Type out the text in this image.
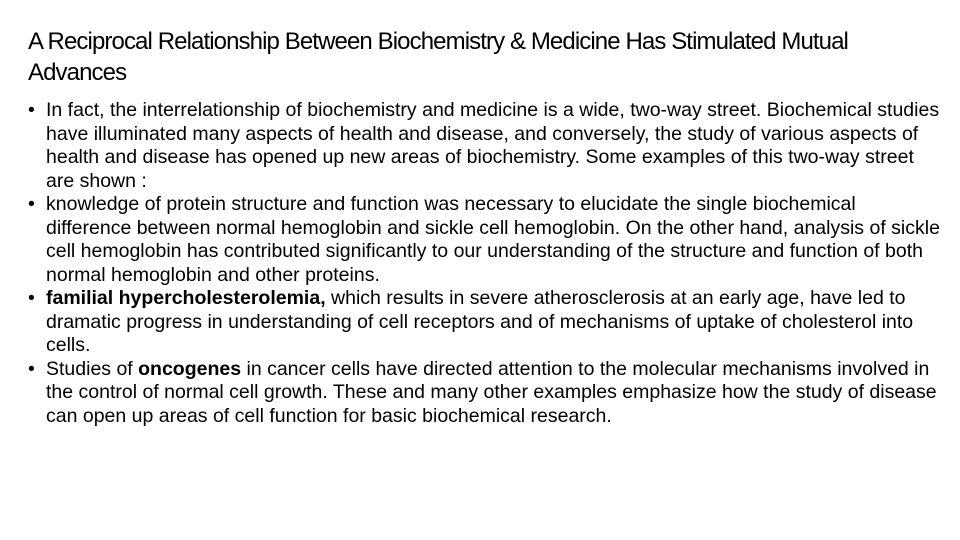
A Reciprocal Relationship Between Biochemistry & Medicine Has Stimulated Mutual Advances
• In fact, the interrelationship of biochemistry and medicine is a wide, two-way street. Biochemical studies have illuminated many aspects of health and disease, and conversely, the study of various aspects of health and disease has opened up new areas of biochemistry. Some examples of this two-way street are shown :
• knowledge of protein structure and function was necessary to elucidate the single biochemical difference between normal hemoglobin and sickle cell hemoglobin. On the other hand, analysis of sickle cell hemoglobin has contributed significantly to our understanding of the structure and function of both normal hemoglobin and other proteins.
• familial hypercholesterolemia, which results in severe atherosclerosis at an early age, have led to dramatic progress in understanding of cell receptors and of mechanisms of uptake of cholesterol into cells.
• Studies of oncogenes in cancer cells have directed attention to the molecular mechanisms involved in the control of normal cell growth. These and many other examples emphasize how the study of disease can open up areas of cell function for basic biochemical research.
